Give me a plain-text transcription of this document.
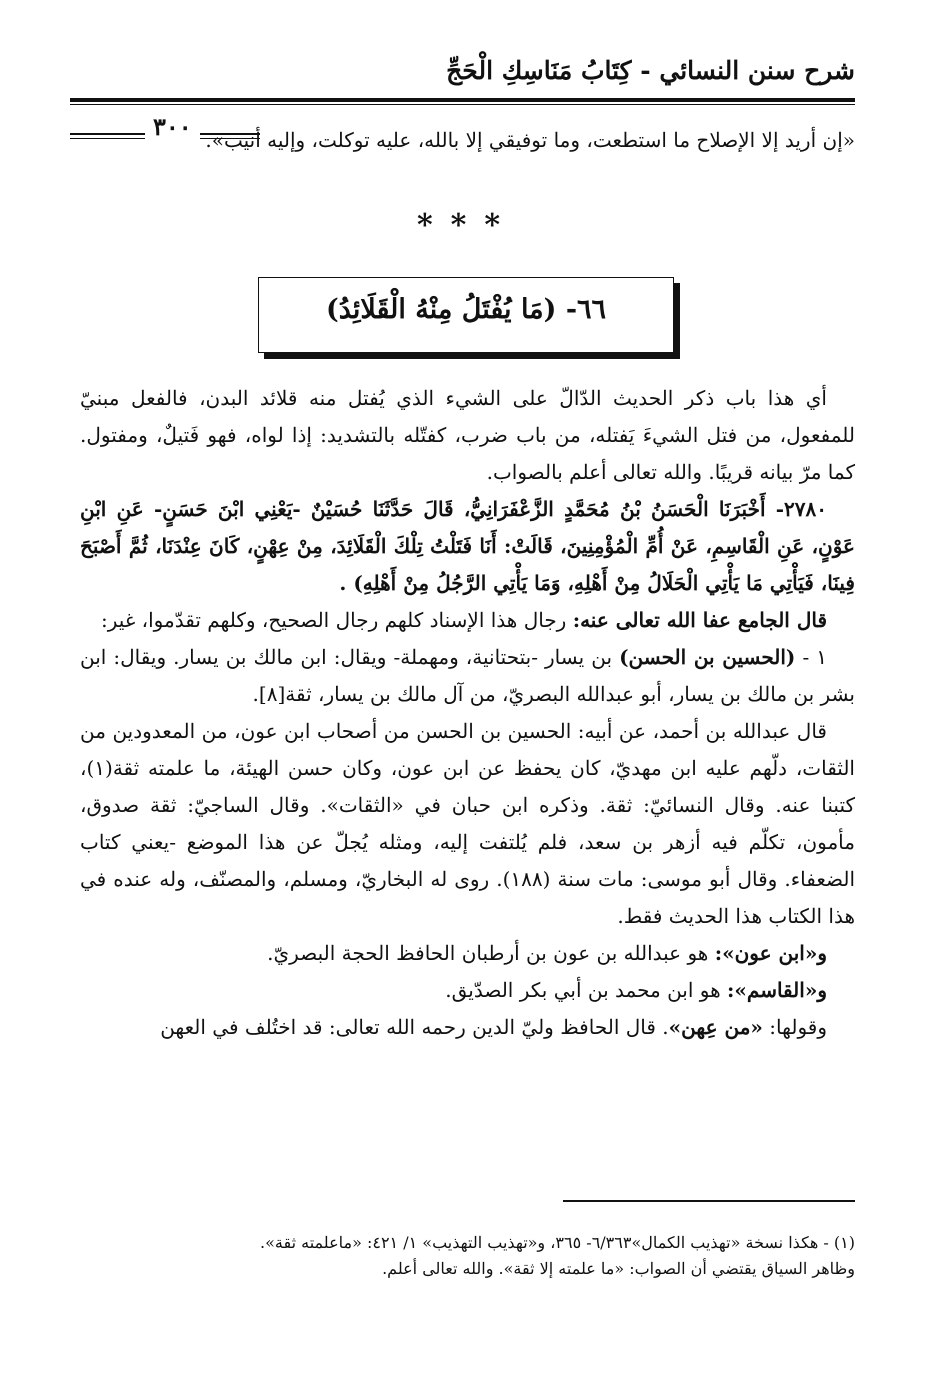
شرح سنن النسائي - كِتَابُ مَنَاسِكِ الْحَجِّ
٣٠٠ «إن أريد إلا الإصلاح ما استطعت، وما توفيقي إلا بالله، عليه توكلت، وإليه أنيب».

***
٦٦- (مَا يُفْتَلُ مِنْهُ الْقَلَائِدُ)

أي هذا باب ذكر الحديث الدّالّ على الشيء الذي يُفتل منه قلائد البدن، فالفعل مبنيّ للمفعول، من فتل الشيءَ يَفتله، من باب ضرب، كفتّله بالتشديد: إذا لواه، فهو فَتيلٌ، ومفتول. كما مرّ بيانه قريبًا. والله تعالى أعلم بالصواب.

٢٧٨٠- أَخْبَرَنَا الْحَسَنُ بْنُ مُحَمَّدٍ الزَّعْفَرَانِيُّ، قَالَ حَدَّثَنَا حُسَيْنٌ -يَعْنِي ابْنَ حَسَنٍ- عَنِ ابْنِ عَوْنٍ، عَنِ الْقَاسِمِ، عَنْ أُمِّ الْمُؤْمِنِينَ، قَالَتْ: أَنَا فَتَلْتُ تِلْكَ الْقَلَائِدَ، مِنْ عِهْنٍ، كَانَ عِنْدَنَا، ثُمَّ أَصْبَحَ فِينَا، فَيَأْتِي مَا يَأْتِي الْحَلَالُ مِنْ أَهْلِهِ، وَمَا يَأْتِي الرَّجُلُ مِنْ أَهْلِهِ) .

قال الجامع عفا الله تعالى عنه: رجال هذا الإسناد كلهم رجال الصحيح، وكلهم تقدّموا، غير:

١ - (الحسين بن الحسن) بن يسار -بتحتانية، ومهملة- ويقال: ابن مالك بن يسار. ويقال: ابن بشر بن مالك بن يسار، أبو عبدالله البصريّ، من آل مالك بن يسار، ثقة[٨].

قال عبدالله بن أحمد، عن أبيه: الحسين بن الحسن من أصحاب ابن عون، من المعدودين من الثقات، دلّهم عليه ابن مهديّ، كان يحفظ عن ابن عون، وكان حسن الهيئة، ما علمته ثقة(١)، كتبنا عنه. وقال النسائيّ: ثقة. وذكره ابن حبان في «الثقات». وقال الساجيّ: ثقة صدوق، مأمون، تكلّم فيه أزهر بن سعد، فلم يُلتفت إليه، ومثله يُجلّ عن هذا الموضع -يعني كتاب الضعفاء. وقال أبو موسى: مات سنة (١٨٨). روى له البخاريّ، ومسلم، والمصنّف، وله عنده في هذا الكتاب هذا الحديث فقط.

و«ابن عون»: هو عبدالله بن عون بن أرطبان الحافظ الحجة البصريّ.

و«القاسم»: هو ابن محمد بن أبي بكر الصدّيق.

وقولها: «من عِهن». قال الحافظ وليّ الدين رحمه الله تعالى: قد اختُلف في العهن

(١) - هكذا نسخة «تهذيب الكمال»٦/٣٦٣- ٣٦٥، و«تهذيب التهذيب» ١/ ٤٢١: «ماعلمته ثقة».

وظاهر السياق يقتضي أن الصواب: «ما علمته إلا ثقة». والله تعالى أعلم.
